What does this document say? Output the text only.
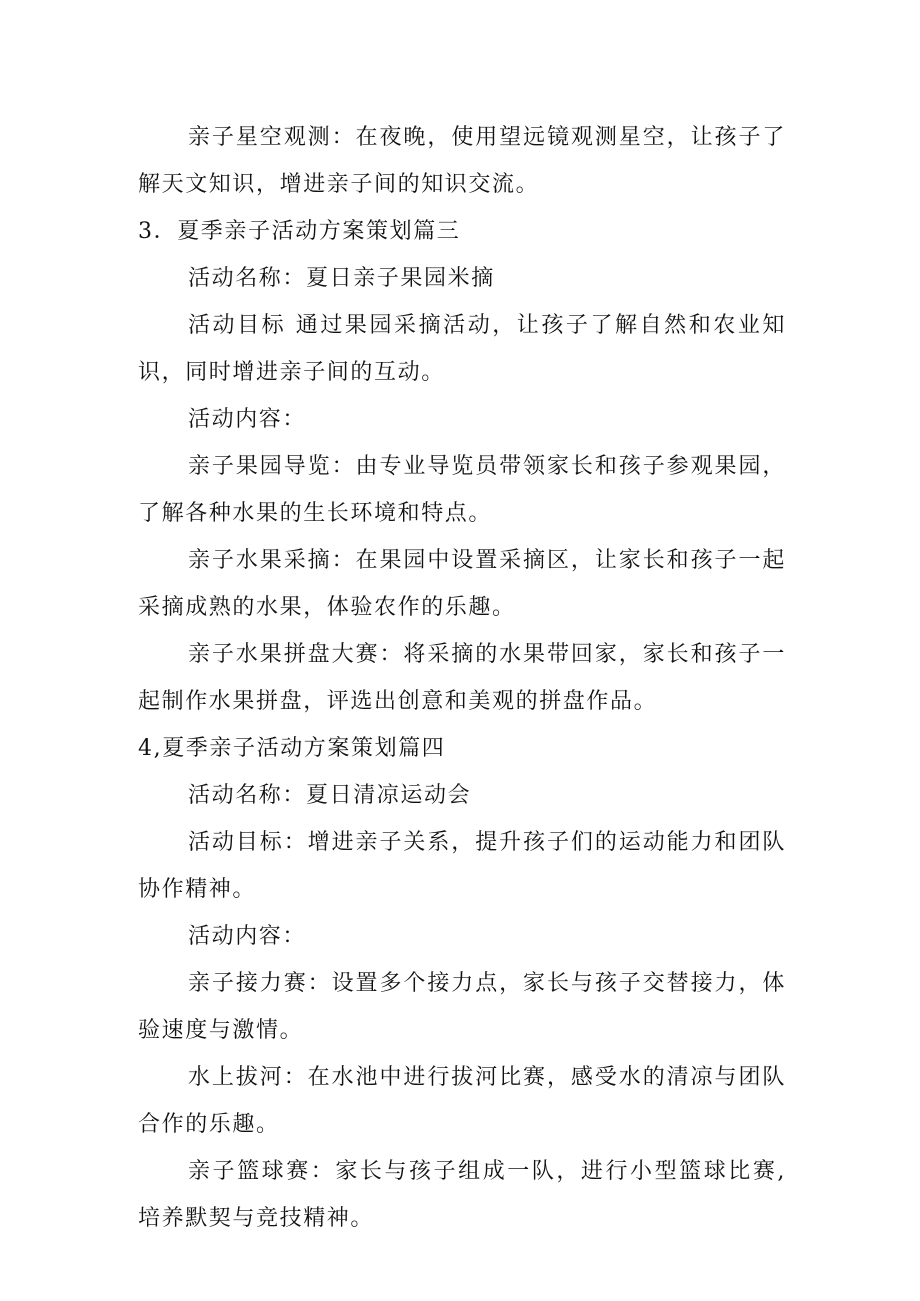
亲子星空观测：在夜晚，使用望远镜观测星空，让孩子了解天文知识，增进亲子间的知识交流。

3．夏季亲子活动方案策划篇三

活动名称：夏日亲子果园米摘

活动目标 通过果园采摘活动，让孩子了解自然和农业知识，同时增进亲子间的互动。

活动内容：

亲子果园导览：由专业导览员带领家长和孩子参观果园，了解各种水果的生长环境和特点。

亲子水果采摘：在果园中设置采摘区，让家长和孩子一起采摘成熟的水果，体验农作的乐趣。

亲子水果拼盘大赛：将采摘的水果带回家，家长和孩子一起制作水果拼盘，评选出创意和美观的拼盘作品。

4,夏季亲子活动方案策划篇四

活动名称：夏日清凉运动会

活动目标：增进亲子关系，提升孩子们的运动能力和团队协作精神。

活动内容：

亲子接力赛：设置多个接力点，家长与孩子交替接力，体验速度与激情。

水上拔河：在水池中进行拔河比赛，感受水的清凉与团队合作的乐趣。

亲子篮球赛：家长与孩子组成一队，进行小型篮球比赛,培养默契与竞技精神。
